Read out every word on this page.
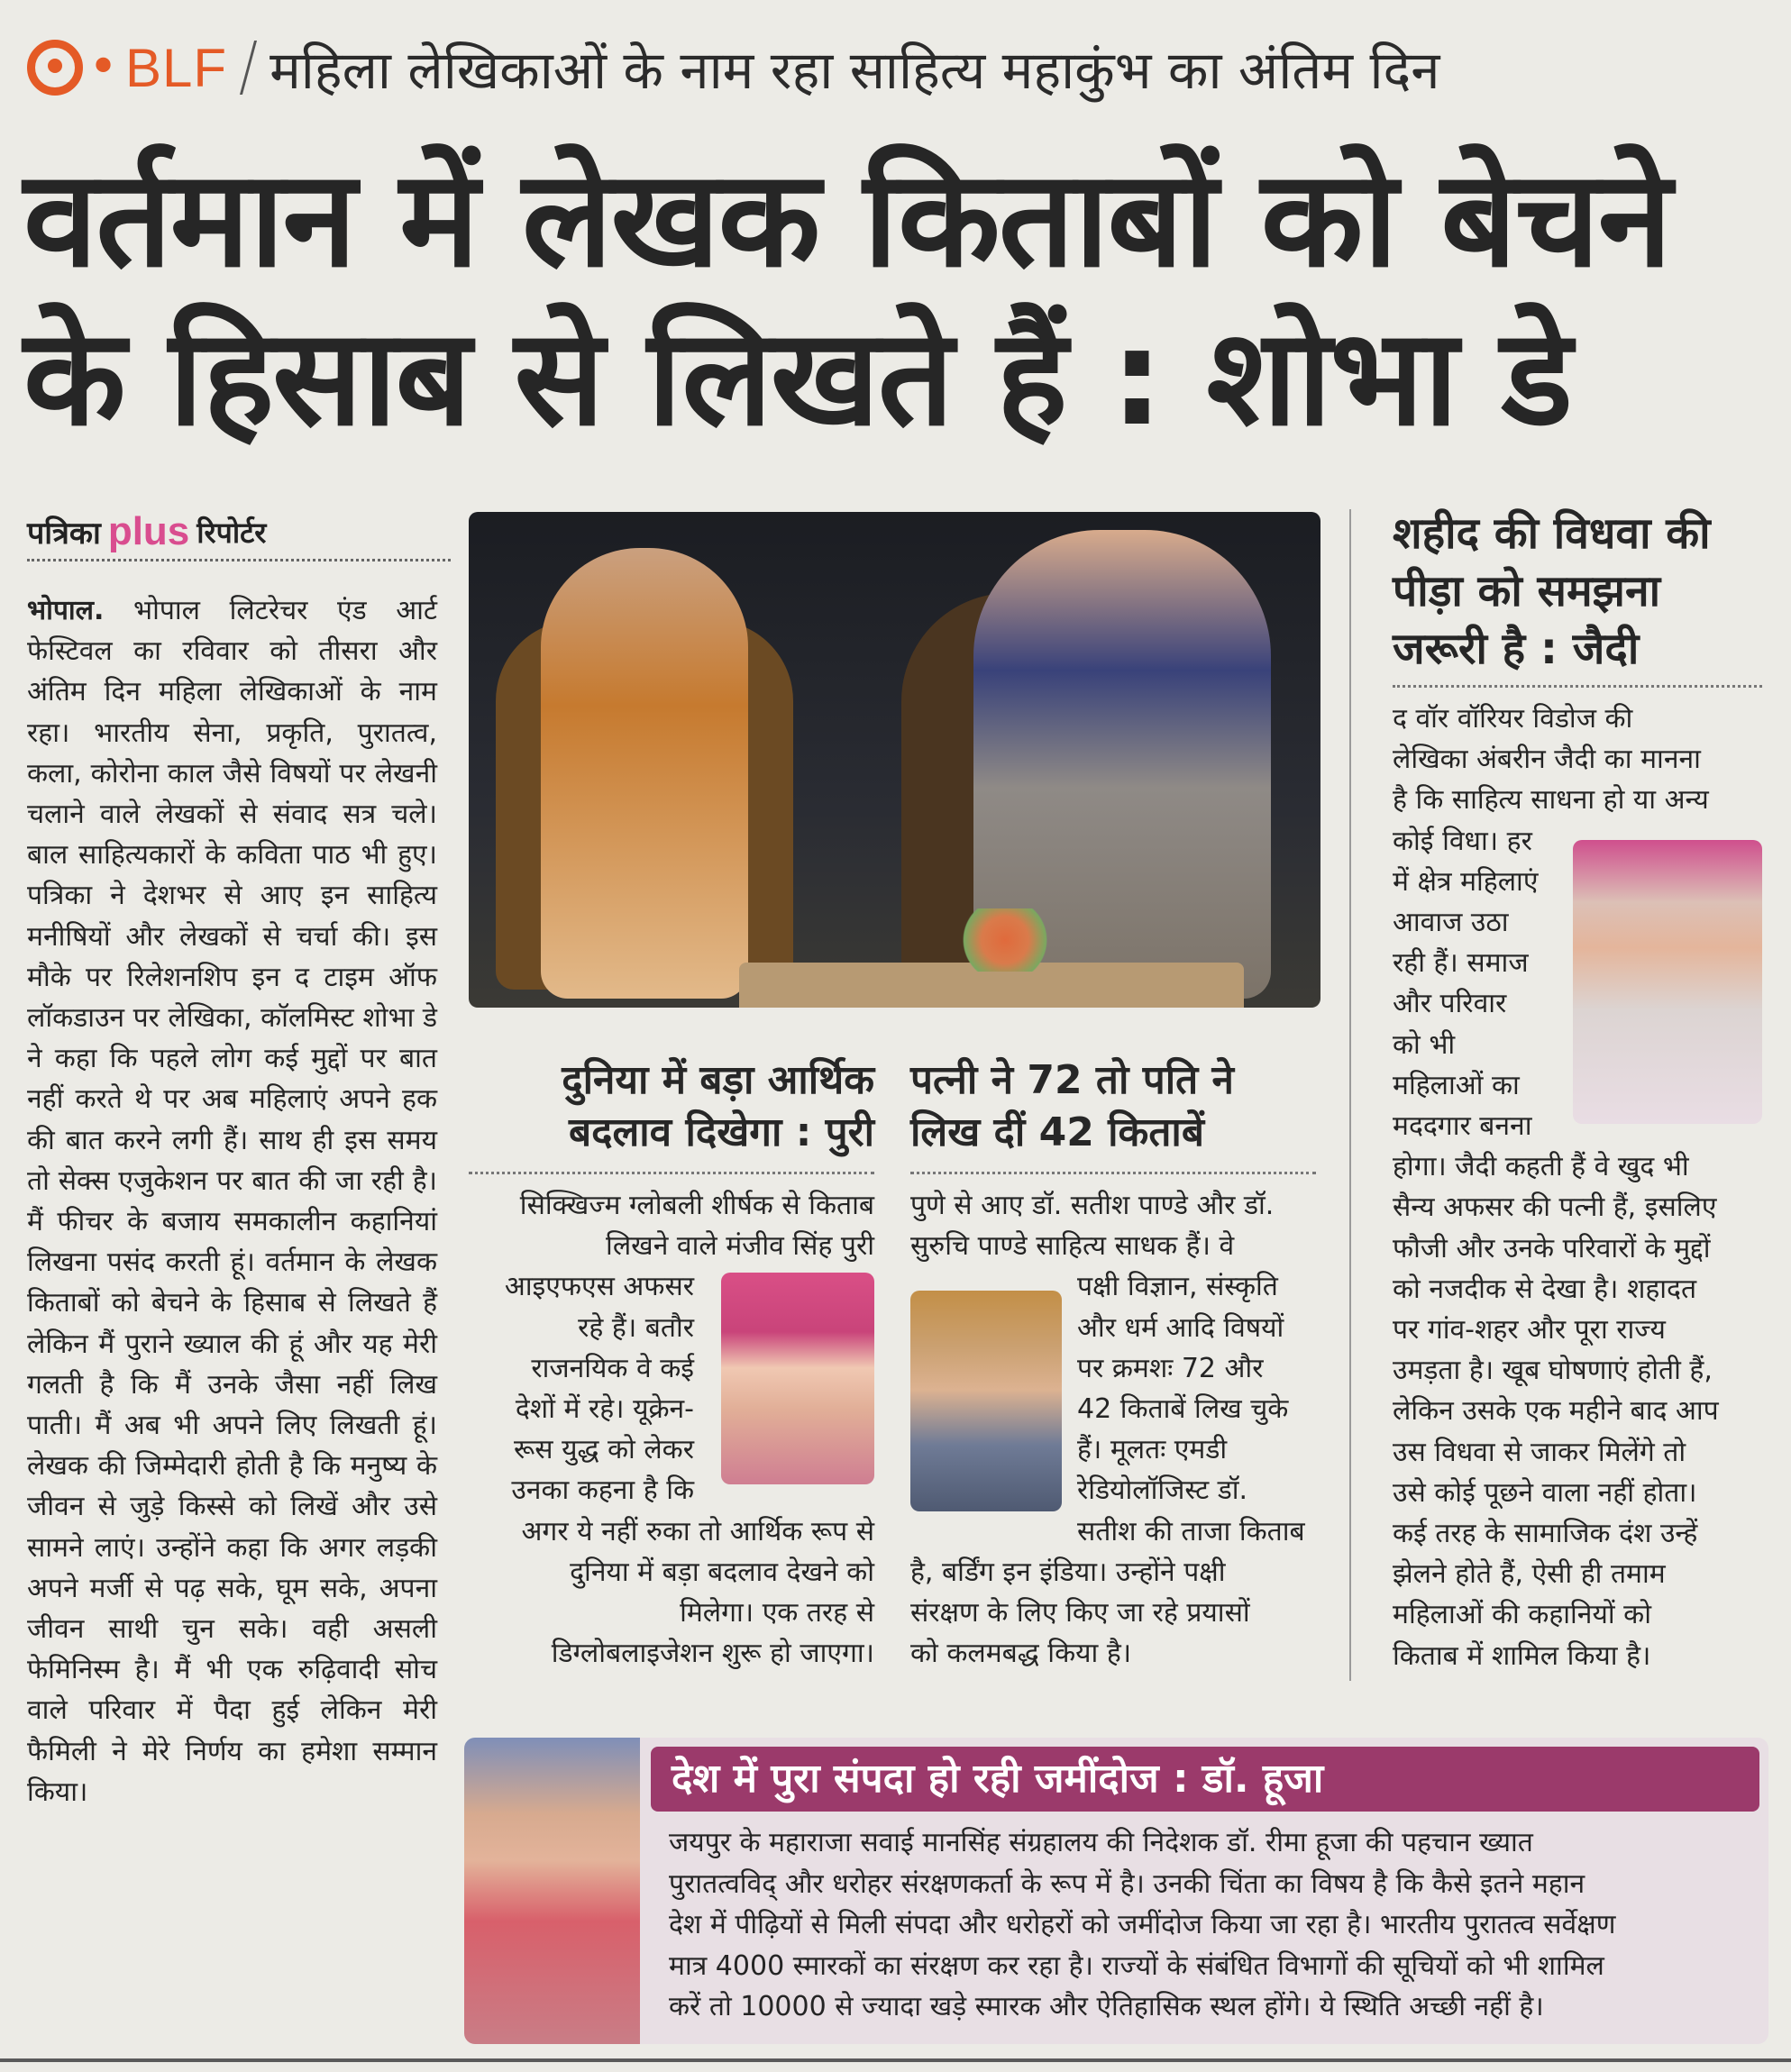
• BLF महिला लेखिकाओं के नाम रहा साहित्य महाकुंभ का अंतिम दिन
वर्तमान में लेखक किताबों को बेचने
के हिसाब से लिखते हैं : शोभा डे
पत्रिका plus रिपोर्टर
भोपाल. भोपाल लिटरेचर एंड आर्ट फेस्टिवल का रविवार को तीसरा और अंतिम दिन महिला लेखिकाओं के नाम रहा। भारतीय सेना, प्रकृति, पुरातत्व, कला, कोरोना काल जैसे विषयों पर लेखनी चलाने वाले लेखकों से संवाद सत्र चले। बाल साहित्यकारों के कविता पाठ भी हुए। पत्रिका ने देशभर से आए इन साहित्य मनीषियों और लेखकों से चर्चा की। इस मौके पर रिलेशनशिप इन द टाइम ऑफ लॉकडाउन पर लेखिका, कॉलमिस्ट शोभा डे ने कहा कि पहले लोग कई मुद्दों पर बात नहीं करते थे पर अब महिलाएं अपने हक की बात करने लगी हैं। साथ ही इस समय तो सेक्स एजुकेशन पर बात की जा रही है। मैं फीचर के बजाय समकालीन कहानियां लिखना पसंद करती हूं। वर्तमान के लेखक किताबों को बेचने के हिसाब से लिखते हैं लेकिन मैं पुराने ख्याल की हूं और यह मेरी गलती है कि मैं उनके जैसा नहीं लिख पाती। मैं अब भी अपने लिए लिखती हूं। लेखक की जिम्मेदारी होती है कि मनुष्य के जीवन से जुड़े किस्से को लिखें और उसे सामने लाएं। उन्होंने कहा कि अगर लड़की अपने मर्जी से पढ़ सके, घूम सके, अपना जीवन साथी चुन सके। वही असली फेमिनिस्म है। मैं भी एक रुढ़िवादी सोच वाले परिवार में पैदा हुई लेकिन मेरी फैमिली ने मेरे निर्णय का हमेशा सम्मान किया।
दुनिया में बड़ा आर्थिक
बदलाव दिखेगा : पुरी
सिक्खिज्म ग्लोबली शीर्षक से किताब
लिखने वाले मंजीव सिंह पुरी
आइएफएस अफसर
रहे हैं। बतौर
राजनयिक वे कई
देशों में रहे। यूक्रेन-
रूस युद्ध को लेकर
उनका कहना है कि
अगर ये नहीं रुका तो आर्थिक रूप से
दुनिया में बड़ा बदलाव देखने को
मिलेगा। एक तरह से
डिग्लोबलाइजेशन शुरू हो जाएगा।
पत्नी ने 72 तो पति ने
लिख दीं 42 किताबें
पुणे से आए डॉ. सतीश पाण्डे और डॉ.
सुरुचि पाण्डे साहित्य साधक हैं। वे
पक्षी विज्ञान, संस्कृति
और धर्म आदि विषयों
पर क्रमशः 72 और
42 किताबें लिख चुके
हैं। मूलतः एमडी
रेडियोलॉजिस्ट डॉ.
सतीश की ताजा किताब
है, बर्डिंग इन इंडिया। उन्होंने पक्षी
संरक्षण के लिए किए जा रहे प्रयासों
को कलमबद्ध किया है।
शहीद की विधवा की
पीड़ा को समझना
जरूरी है : जैदी
द वॉर वॉरियर विडोज की
लेखिका अंबरीन जैदी का मानना
है कि साहित्य साधना हो या अन्य
कोई विधा। हर
में क्षेत्र महिलाएं
आवाज उठा
रही हैं। समाज
और परिवार
को भी
महिलाओं का
मददगार बनना
होगा। जैदी कहती हैं वे खुद भी
सैन्य अफसर की पत्नी हैं, इसलिए
फौजी और उनके परिवारों के मुद्दों
को नजदीक से देखा है। शहादत
पर गांव-शहर और पूरा राज्य
उमड़ता है। खूब घोषणाएं होती हैं,
लेकिन उसके एक महीने बाद आप
उस विधवा से जाकर मिलेंगे तो
उसे कोई पूछने वाला नहीं होता।
कई तरह के सामाजिक दंश उन्हें
झेलने होते हैं, ऐसी ही तमाम
महिलाओं की कहानियों को
किताब में शामिल किया है।
देश में पुरा संपदा हो रही जमींदोज : डॉ. हूजा
जयपुर के महाराजा सवाई मानसिंह संग्रहालय की निदेशक डॉ. रीमा हूजा की पहचान ख्यात
पुरातत्वविद् और धरोहर संरक्षणकर्ता के रूप में है। उनकी चिंता का विषय है कि कैसे इतने महान
देश में पीढ़ियों से मिली संपदा और धरोहरों को जमींदोज किया जा रहा है। भारतीय पुरातत्व सर्वेक्षण
मात्र 4000 स्मारकों का संरक्षण कर रहा है। राज्यों के संबंधित विभागों की सूचियों को भी शामिल
करें तो 10000 से ज्यादा खड़े स्मारक और ऐतिहासिक स्थल होंगे। ये स्थिति अच्छी नहीं है।
